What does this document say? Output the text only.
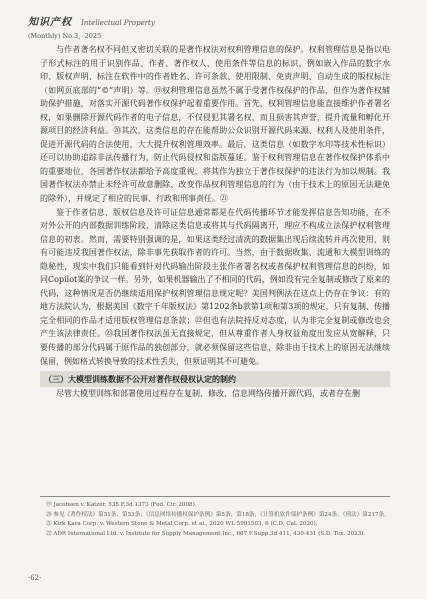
知识产权 Intellectual Property
(Monthly) No.3，2025

与作者著名权不同但又密切关联的是著作权法对权利管理信息的保护。权利管理信息是指以电子形式标注的用于识别作品、作者、著作权人、使用条件等信息的标识，例如嵌入作品的数字水印、版权声明、标注在软件中的作者姓名、许可条款、使用限制、免责声明、自动生成的版权标注（如网页底部的“©”声明）等。⑲权利管理信息虽然不属于受著作权保护的作品，但作为著作权辅助保护措施，对落实开源代码著作权保护起着重要作用。首先，权利管理信息能直接维护作者署名权，如果删除开源代码作者的电子信息，不仅侵犯其署名权，而且损害其声誉，提升流量和孵化开源项目的经济利益。⑳其次，这类信息的存在能帮助公众识别开源代码来源、权利人及使用条件，促进开源代码的合法使用，大大提升权利管理效率。最后，这类信息（如数字水印等技术性标识）还可以协助追踪非法传播行为，防止代码侵权和盗版蔓延。鉴于权利管理信息在著作权保护体系中的重要地位，各国著作权法都给予高度重视，将其作为独立于著作权保护的违法行为加以规制。我国著作权法亦禁止未经许可故意删除、改变作品权利管理信息的行为（由于技术上的原因无法避免的除外），并规定了相应的民事、行政和刑事责任。㉑

鉴于作者信息、版权信息及许可证信息通常都是在代码传播环节才能发挥信息告知功能，在不对外公开的内部数据训练阶段，清除这类信息或将其与代码隔离开，理应不构成立法保护权利管理信息的初衷。然而，需要特别强调的是，如果这类经过清洗的数据集出现后续流转并再次使用，则有可能违反我国著作权法，除非事先获取作者的许可。当然，由于数据收集、流通和大模型训练的隐秘性，现实中我们只能看到针对代码输出阶段主张作者署名权或者保护权利管理信息的纠纷，如同Copilot案的争议一样。另外，如果机器输出了不相同的代码，例如没有完全复制或修改了原来的代码，这种情况是否仍继续适用保护权利管理信息规定呢？美国判例法在这点上仍存在争议：有的地方法院认为，根据美国《数字千年版权法》第1202条b款第1项和第3项的规定，只有复制、传播完全相同的作品才适用版权管理信息条款；㉒但也有法院持反对态度，认为非完全复制或修改也会产生该法律责任。㉓我国著作权法虽无直接规定，但从尊重作者人身权益角度出发应从宽解释，只要传播的部分代码属于原作品的独创部分，就必须保留这些信息，除非由于技术上的原因无法继续保留，例如格式转换导致的技术性丢失，但须证明其不可避免。

（三）大模型训练数据不公开对著作权侵权认定的制约

尽管大模型训练和部署使用过程存在复制、修改、信息网络传播开源代码，或者存在删

⑲ Jacobsen v. Katzer, 535 F.3d 1373 (Fed. Cir. 2008).
⑳ 参见《著作权法》第51条、第53条；《信息网络传播权保护条例》第5条、第18条，《计算机软件保护条例》第24条、《刑法》第217条。
㉑ Kirk Kara Corp. v. Western Stone & Metal Corp. et al., 2020 WL 5991503, 6 (C.D. Cal. 2020).
㉒ ADR International Ltd. v. Institute for Supply Management Inc., 667 F.Supp.3d 411, 430-431 (S.D. Tex. 2023).
·62·
